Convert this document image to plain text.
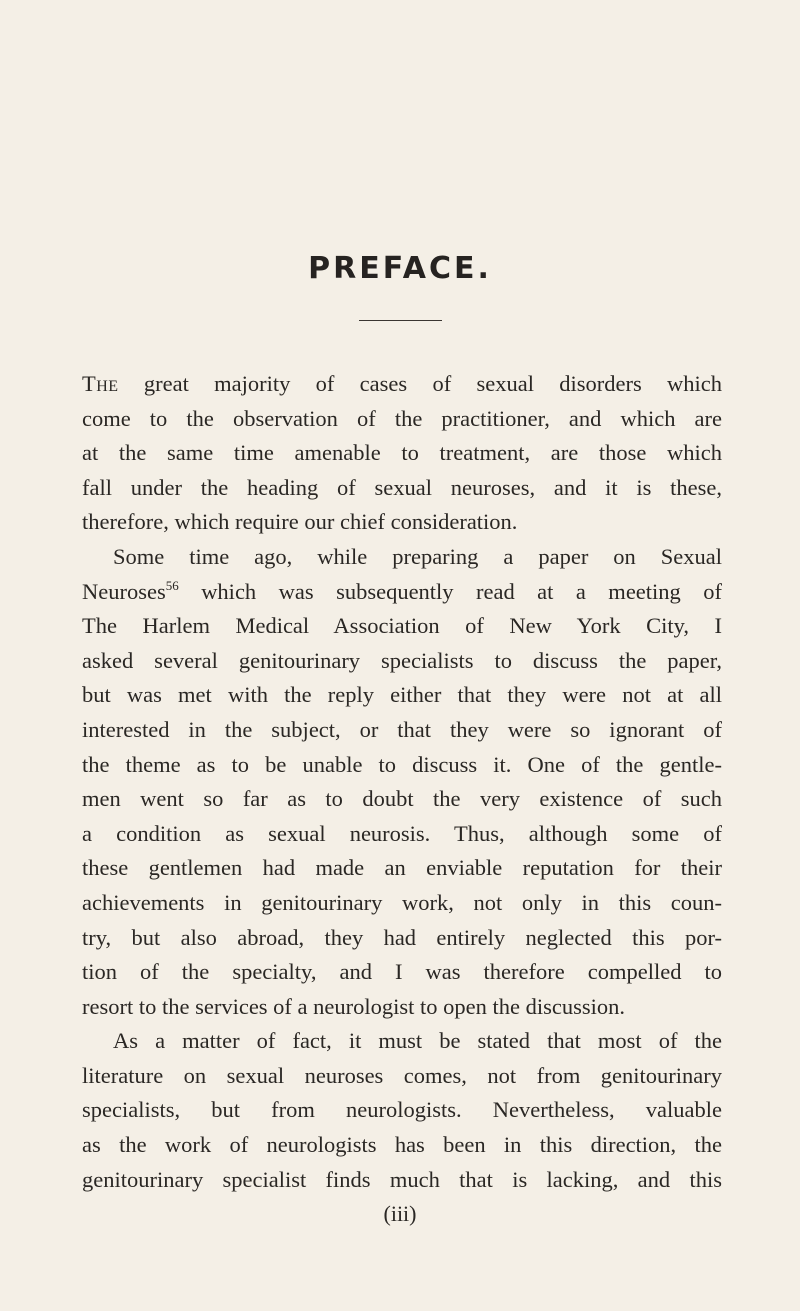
PREFACE.
The great majority of cases of sexual disorders which
come to the observation of the practitioner, and which are
at the same time amenable to treatment, are those which
fall under the heading of sexual neuroses, and it is these,
therefore, which require our chief consideration.
Some time ago, while preparing a paper on Sexual
Neuroses$^{56}$ which was subsequently read at a meeting of
The Harlem Medical Association of New York City, I
asked several genitourinary specialists to discuss the paper,
but was met with the reply either that they were not at all
interested in the subject, or that they were so ignorant of
the theme as to be unable to discuss it. One of the gentle-
men went so far as to doubt the very existence of such
a condition as sexual neurosis. Thus, although some of
these gentlemen had made an enviable reputation for their
achievements in genitourinary work, not only in this coun-
try, but also abroad, they had entirely neglected this por-
tion of the specialty, and I was therefore compelled to
resort to the services of a neurologist to open the discussion.
As a matter of fact, it must be stated that most of the
literature on sexual neuroses comes, not from genitourinary
specialists, but from neurologists. Nevertheless, valuable
as the work of neurologists has been in this direction, the
genitourinary specialist finds much that is lacking, and this
(iii)
